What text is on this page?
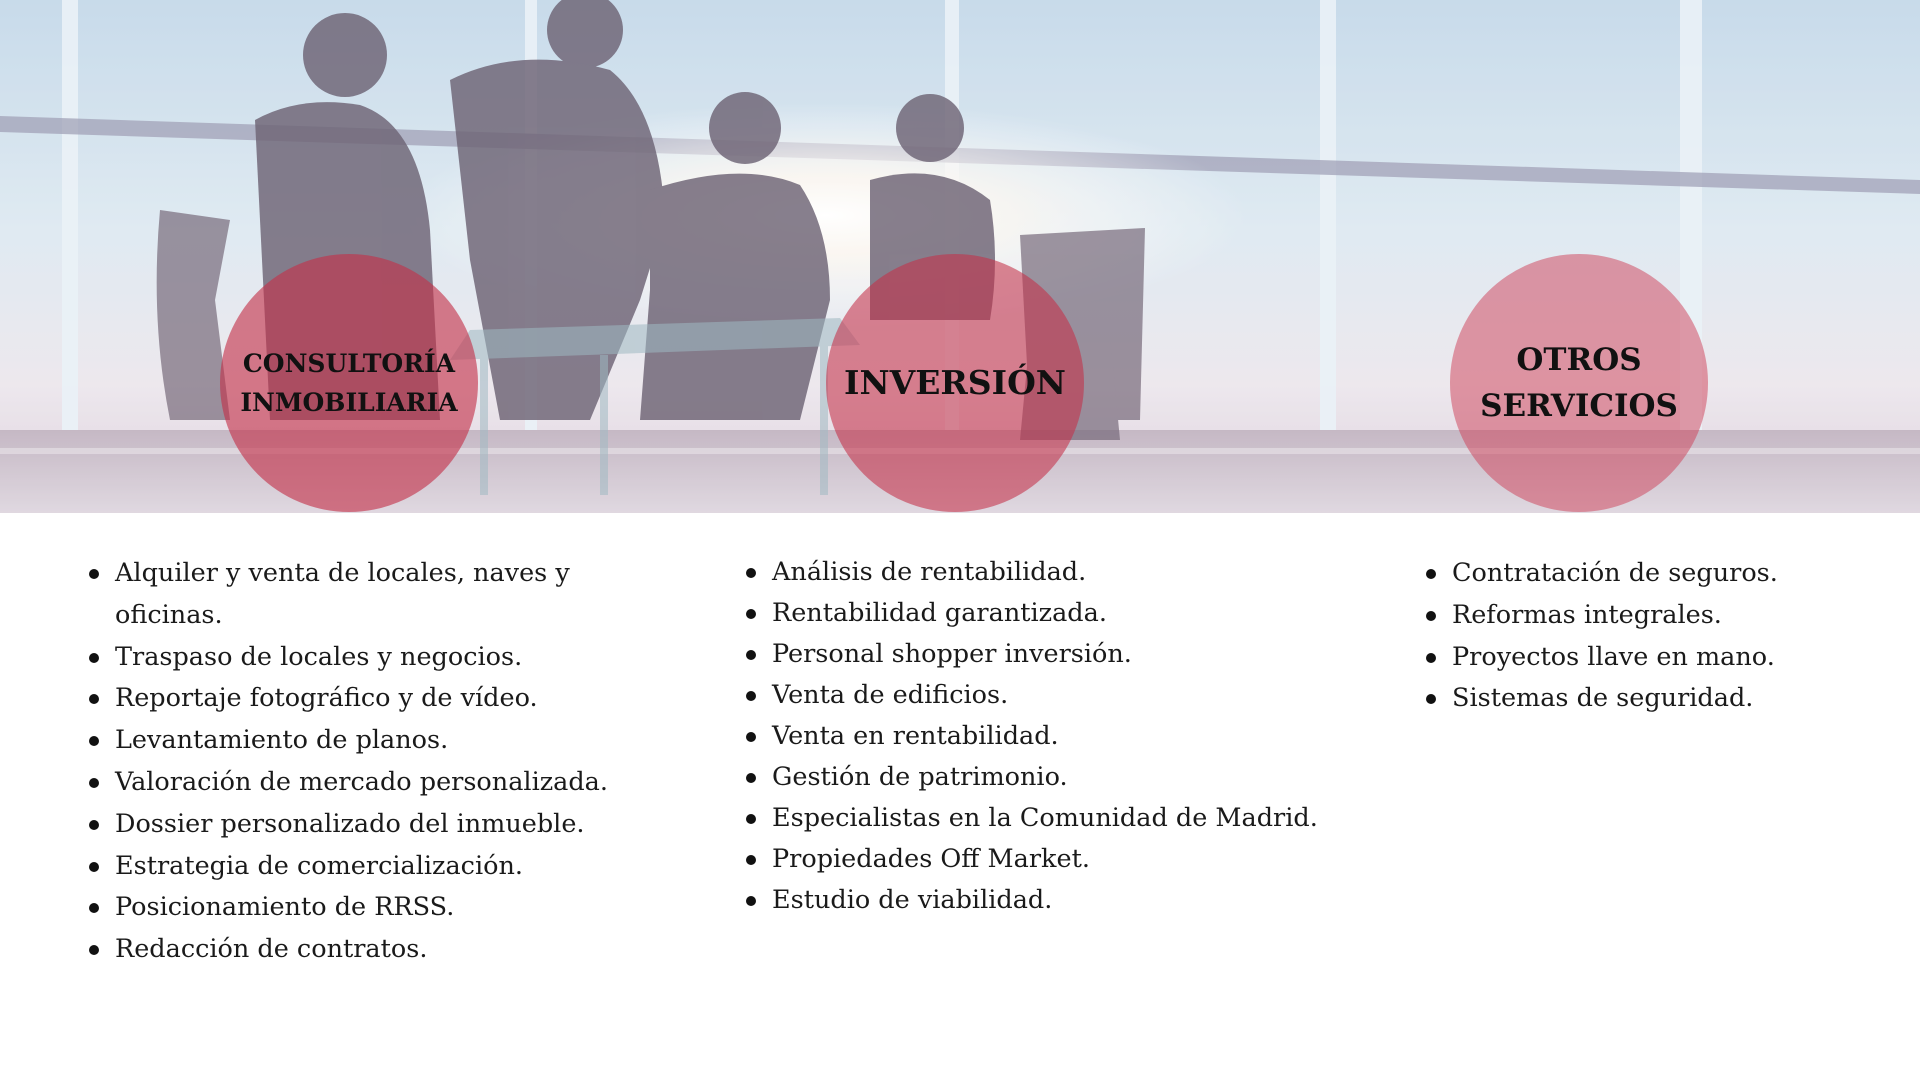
CONSULTORÍA
INMOBILIARIA
INVERSIÓN
OTROS
SERVICIOS
Alquiler y venta de locales, naves y oficinas.
Traspaso de locales y negocios.
Reportaje fotográfico y de vídeo.
Levantamiento de planos.
Valoración de mercado personalizada.
Dossier personalizado del inmueble.
Estrategia de comercialización.
Posicionamiento de RRSS.
Redacción de contratos.
Análisis de rentabilidad.
Rentabilidad garantizada.
Personal shopper inversión.
Venta de edificios.
Venta en rentabilidad.
Gestión de patrimonio.
Especialistas en la Comunidad de Madrid.
Propiedades Off Market.
Estudio de viabilidad.
Contratación de seguros.
Reformas integrales.
Proyectos llave en mano.
Sistemas de seguridad.
